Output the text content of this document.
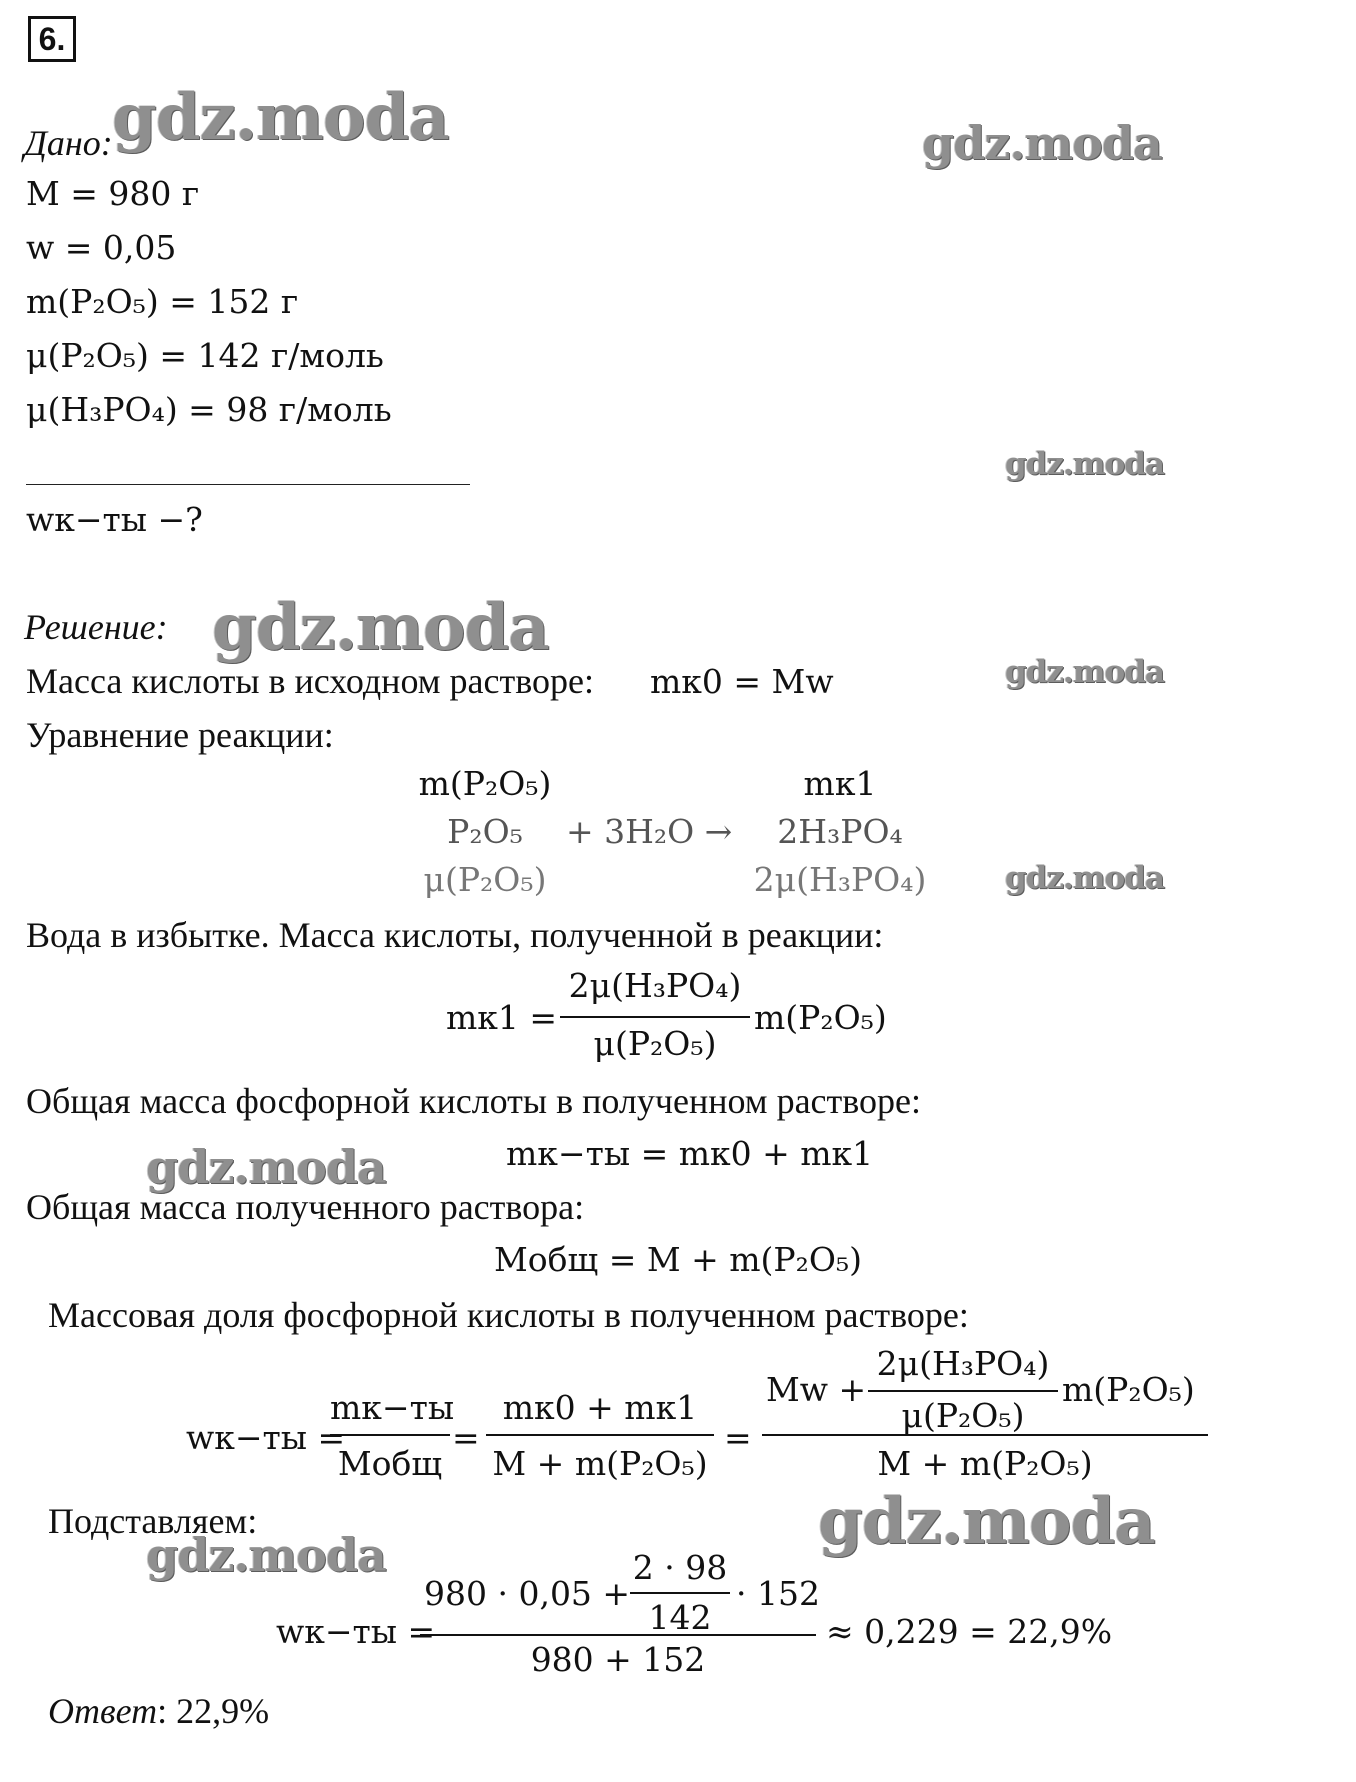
6.
gdz.moda	gdz.moda
gdz.moda
gdz.moda
gdz.moda
gdz.moda
gdz.moda
gdz.moda
gdz.moda
Дано:
M = 980 г
w = 0,05
m(P₂O₅) = 152 г
μ(P₂O₅) = 142 г/моль
μ(H₃PO₄) = 98 г/моль
wк−ты −?
Решение:
Масса кислоты в исходном растворе: mк0 = Mw
Уравнение реакции:
m(P₂O₅)	mк1
P₂O₅	+ 3H₂O →	2H₃PO₄
μ(P₂O₅)	2μ(H₃PO₄)
Вода в избытке. Масса кислоты, полученной в реакции:
mк1 =
2μ(H₃PO₄)
μ(P₂O₅)
m(P₂O₅)
Общая масса фосфорной кислоты в полученном растворе:
mк−ты = mк0 + mк1
Общая масса полученного раствора:
Mобщ = M + m(P₂O₅)
Массовая доля фосфорной кислоты в полученном растворе:
wк−ты =
mк−ты
Mобщ
=
mк0 + mк1
M + m(P₂O₅)
=
Mw +
2μ(H₃PO₄)
μ(P₂O₅)
m(P₂O₅)
M + m(P₂O₅)
Подставляем:
wк−ты =
980 · 0,05 +
2 · 98
142
· 152
980 + 152
≈ 0,229 = 22,9%
Ответ: 22,9%
